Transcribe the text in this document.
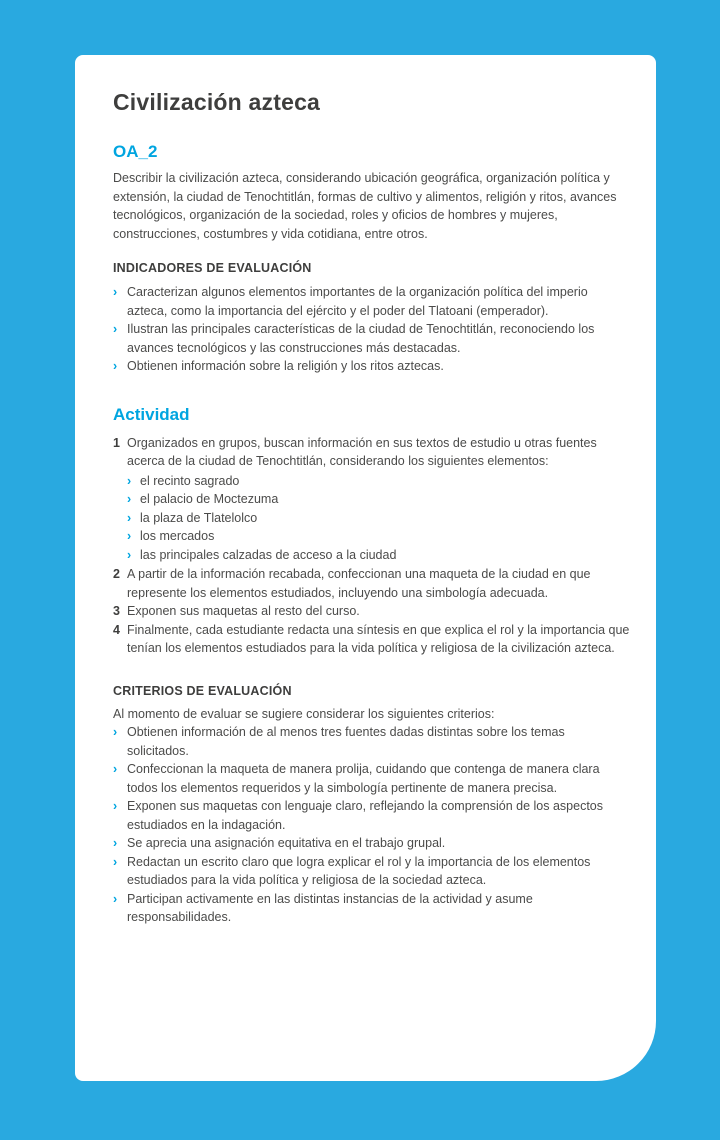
Civilización azteca
OA_2

Describir la civilización azteca, considerando ubicación geográfica, organización política y extensión, la ciudad de Tenochtitlán, formas de cultivo y alimentos, religión y ritos, avances tecnológicos, organización de la sociedad, roles y oficios de hombres y mujeres, construcciones, costumbres y vida cotidiana, entre otros.

INDICADORES DE EVALUACIÓN
› Caracterizan algunos elementos importantes de la organización política del imperio azteca, como la importancia del ejército y el poder del Tlatoani (emperador).
› Ilustran las principales características de la ciudad de Tenochtitlán, reconociendo los avances tecnológicos y las construcciones más destacadas.
› Obtienen información sobre la religión y los ritos aztecas.
Actividad
1 Organizados en grupos, buscan información en sus textos de estudio u otras fuentes acerca de la ciudad de Tenochtitlán, considerando los siguientes elementos:
› el recinto sagrado
› el palacio de Moctezuma
› la plaza de Tlatelolco
› los mercados
› las principales calzadas de acceso a la ciudad
2 A partir de la información recabada, confeccionan una maqueta de la ciudad en que represente los elementos estudiados, incluyendo una simbología adecuada.
3 Exponen sus maquetas al resto del curso.
4 Finalmente, cada estudiante redacta una síntesis en que explica el rol y la importancia que tenían los elementos estudiados para la vida política y religiosa de la civilización azteca.
CRITERIOS DE EVALUACIÓN

Al momento de evaluar se sugiere considerar los siguientes criterios:

› Obtienen información de al menos tres fuentes dadas distintas sobre los temas solicitados.
› Confeccionan la maqueta de manera prolija, cuidando que contenga de manera clara todos los elementos requeridos y la simbología pertinente de manera precisa.
› Exponen sus maquetas con lenguaje claro, reflejando la comprensión de los aspectos estudiados en la indagación.
› Se aprecia una asignación equitativa en el trabajo grupal.
› Redactan un escrito claro que logra explicar el rol y la importancia de los elementos estudiados para la vida política y religiosa de la sociedad azteca.
› Participan activamente en las distintas instancias de la actividad y asume responsabilidades.
